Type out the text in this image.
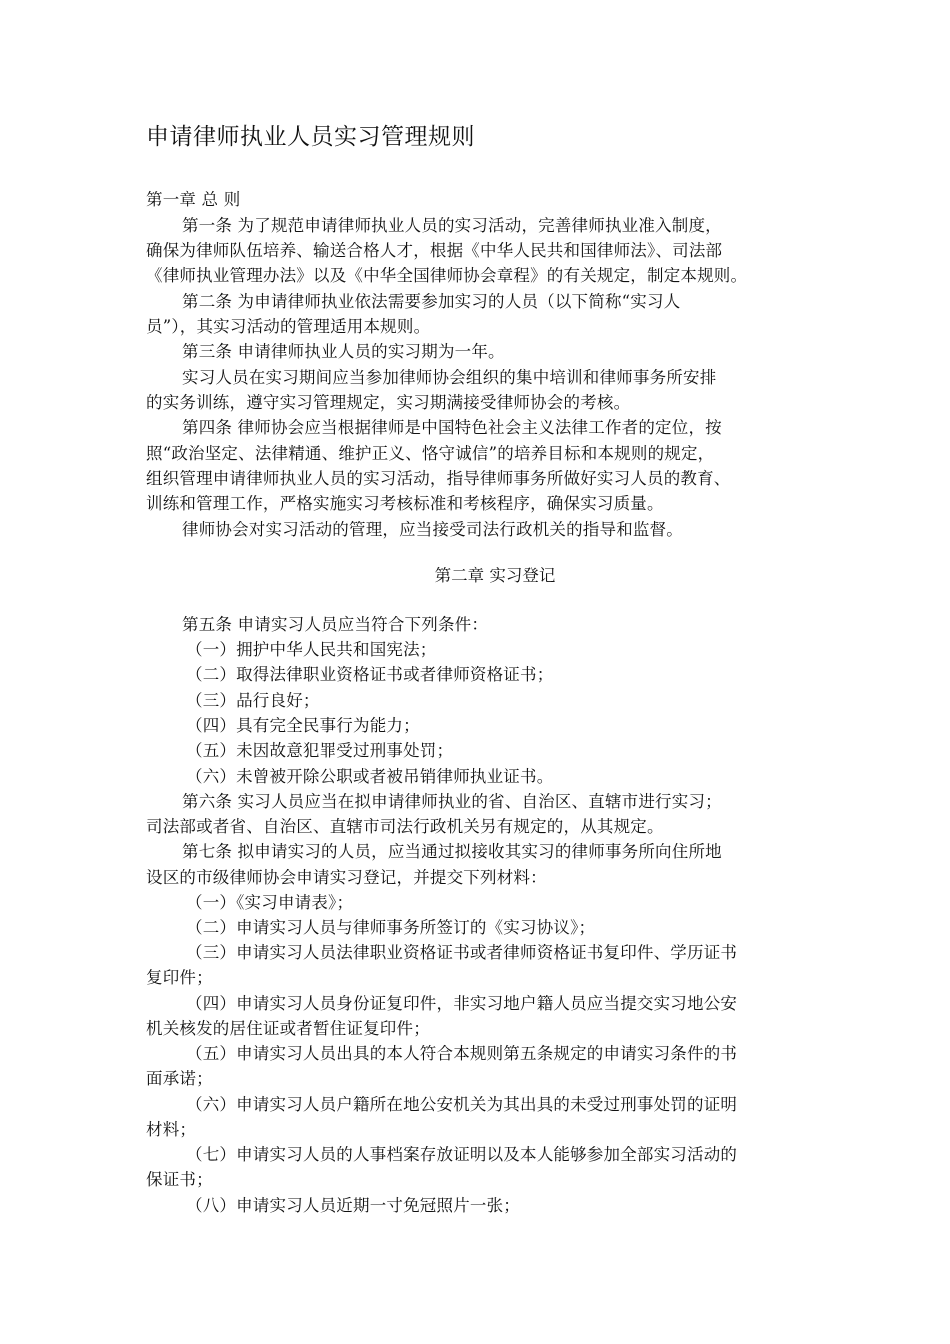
申请律师执业人员实习管理规则
第一章 总 则
第一条 为了规范申请律师执业人员的实习活动，完善律师执业准入制度，
确保为律师队伍培养、输送合格人才，根据《中华人民共和国律师法》、司法部
《律师执业管理办法》以及《中华全国律师协会章程》的有关规定，制定本规则。
第二条 为申请律师执业依法需要参加实习的人员（以下简称“实习人
员”），其实习活动的管理适用本规则。
第三条 申请律师执业人员的实习期为一年。
实习人员在实习期间应当参加律师协会组织的集中培训和律师事务所安排
的实务训练，遵守实习管理规定，实习期满接受律师协会的考核。
第四条 律师协会应当根据律师是中国特色社会主义法律工作者的定位，按
照“政治坚定、法律精通、维护正义、恪守诚信”的培养目标和本规则的规定，
组织管理申请律师执业人员的实习活动，指导律师事务所做好实习人员的教育、
训练和管理工作，严格实施实习考核标准和考核程序，确保实习质量。
律师协会对实习活动的管理，应当接受司法行政机关的指导和监督。
第二章 实习登记
第五条 申请实习人员应当符合下列条件：
（一）拥护中华人民共和国宪法；
（二）取得法律职业资格证书或者律师资格证书；
（三）品行良好；
（四）具有完全民事行为能力；
（五）未因故意犯罪受过刑事处罚；
（六）未曾被开除公职或者被吊销律师执业证书。
第六条 实习人员应当在拟申请律师执业的省、自治区、直辖市进行实习；
司法部或者省、自治区、直辖市司法行政机关另有规定的，从其规定。
第七条 拟申请实习的人员，应当通过拟接收其实习的律师事务所向住所地
设区的市级律师协会申请实习登记，并提交下列材料：
（一）《实习申请表》；
（二）申请实习人员与律师事务所签订的《实习协议》；
（三）申请实习人员法律职业资格证书或者律师资格证书复印件、学历证书
复印件；
（四）申请实习人员身份证复印件，非实习地户籍人员应当提交实习地公安
机关核发的居住证或者暂住证复印件；
（五）申请实习人员出具的本人符合本规则第五条规定的申请实习条件的书
面承诺；
（六）申请实习人员户籍所在地公安机关为其出具的未受过刑事处罚的证明
材料；
（七）申请实习人员的人事档案存放证明以及本人能够参加全部实习活动的
保证书；
（八）申请实习人员近期一寸免冠照片一张；
